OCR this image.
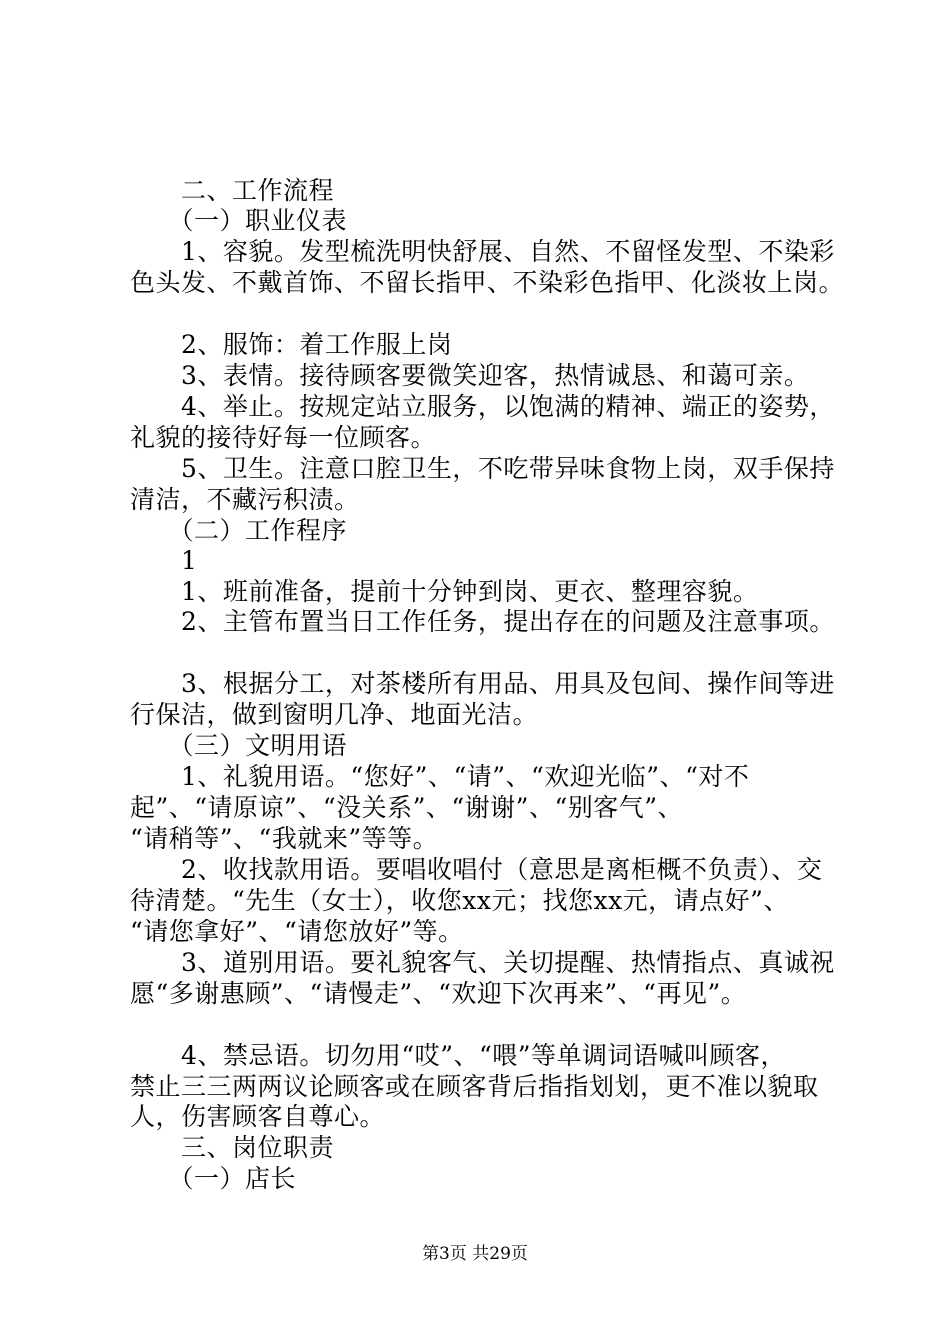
　　二、工作流程
　　（一）职业仪表
　　1、容貌。发型梳洗明快舒展、自然、不留怪发型、不染彩
色头发、不戴首饰、不留长指甲、不染彩色指甲、化淡妆上岗。
　　2、服饰：着工作服上岗
　　3、表情。接待顾客要微笑迎客，热情诚恳、和蔼可亲。
　　4、举止。按规定站立服务，以饱满的精神、端正的姿势，
礼貌的接待好每一位顾客。
　　5、卫生。注意口腔卫生，不吃带异味食物上岗，双手保持
清洁，不藏污积渍。
　　（二）工作程序
　　1
　　1、班前准备，提前十分钟到岗、更衣、整理容貌。
　　2、主管布置当日工作任务，提出存在的问题及注意事项。
　　3、根据分工，对茶楼所有用品、用具及包间、操作间等进
行保洁，做到窗明几净、地面光洁。
　　（三）文明用语
　　1、礼貌用语。“您好”、“请”、“欢迎光临”、“对不
起”、“请原谅”、“没关系”、“谢谢”、“别客气”、
“请稍等”、“我就来”等等。
　　2、收找款用语。要唱收唱付（意思是离柜概不负责）、交
待清楚。“先生（女士），收您xx元；找您xx元，请点好”、
“请您拿好”、“请您放好”等。
　　3、道别用语。要礼貌客气、关切提醒、热情指点、真诚祝
愿“多谢惠顾”、“请慢走”、“欢迎下次再来”、“再见”。
　　4、禁忌语。切勿用“哎”、“喂”等单调词语喊叫顾客，
禁止三三两两议论顾客或在顾客背后指指划划，更不准以貌取
人，伤害顾客自尊心。
　　三、岗位职责
　　（一）店长
第3页 共29页
